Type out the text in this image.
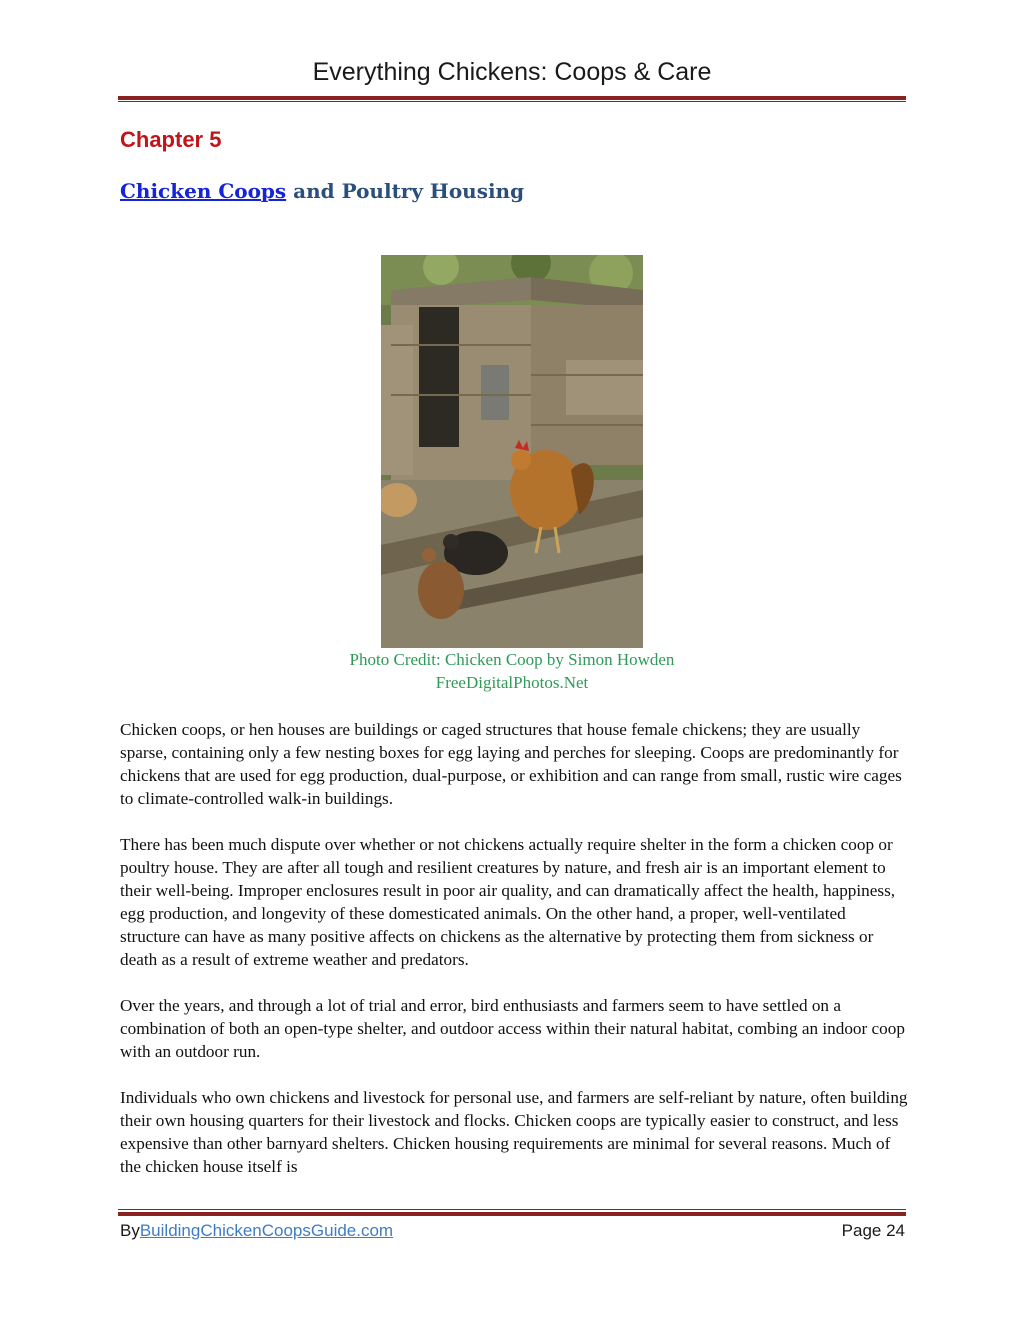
Everything Chickens: Coops & Care
Chapter 5
Chicken Coops and Poultry Housing
Photo Credit: Chicken Coop by Simon Howden
FreeDigitalPhotos.Net

Chicken coops, or hen houses are buildings or caged structures that house female chickens; they are usually sparse, containing only a few nesting boxes for egg laying and perches for sleeping. Coops are predominantly for chickens that are used for egg production, dual-purpose, or exhibition and can range from small, rustic wire cages to climate-controlled walk-in buildings.

There has been much dispute over whether or not chickens actually require shelter in the form a chicken coop or poultry house. They are after all tough and resilient creatures by nature, and fresh air is an important element to their well-being. Improper enclosures result in poor air quality, and can dramatically affect the health, happiness, egg production, and longevity of these domesticated animals. On the other hand, a proper, well-ventilated structure can have as many positive affects on chickens as the alternative by protecting them from sickness or death as a result of extreme weather and predators.

Over the years, and through a lot of trial and error, bird enthusiasts and farmers seem to have settled on a combination of both an open-type shelter, and outdoor access within their natural habitat, combing an indoor coop with an outdoor run.

Individuals who own chickens and livestock for personal use, and farmers are self-reliant by nature, often building their own housing quarters for their livestock and flocks. Chicken coops are typically easier to construct, and less expensive than other barnyard shelters. Chicken housing requirements are minimal for several reasons. Much of the chicken house itself is

ByBuildingChickenCoopsGuide.com	Page 24
